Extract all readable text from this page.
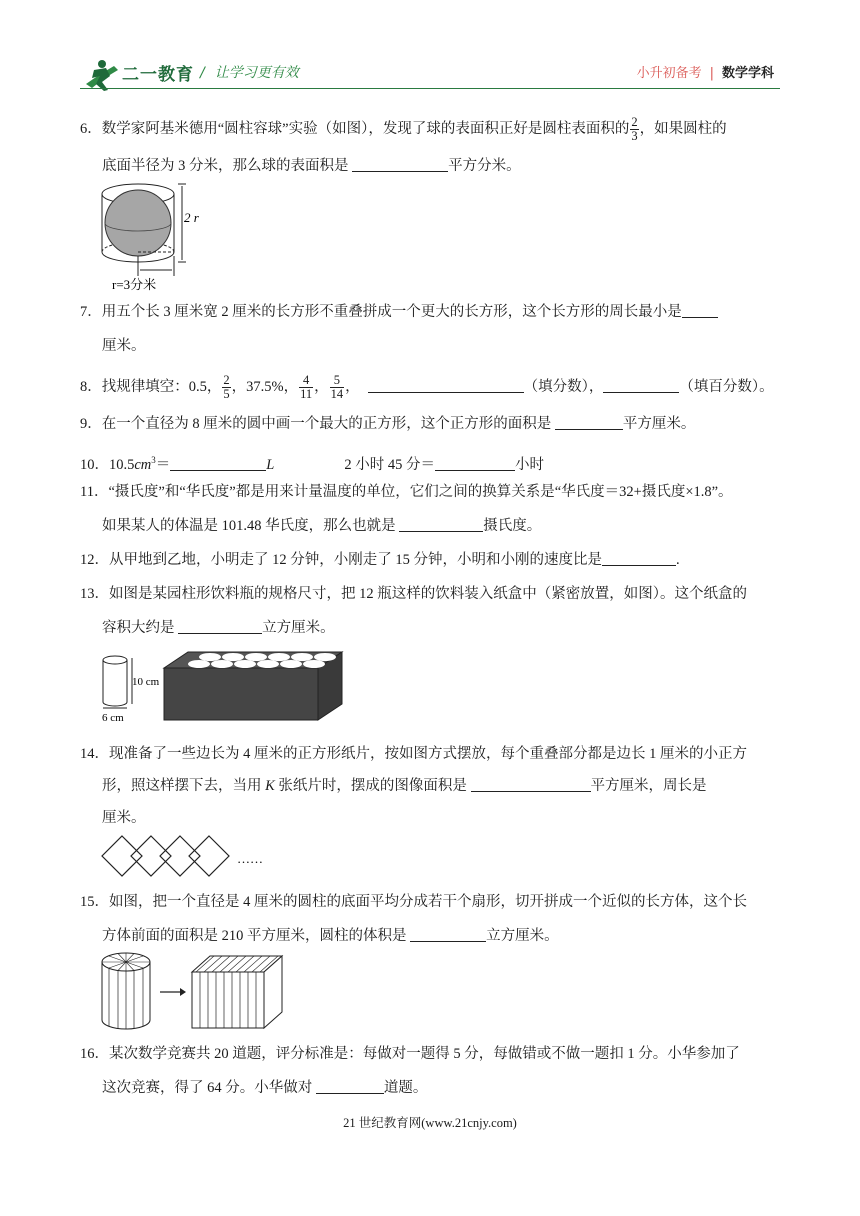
二一教育 / 让学习更有效	小升初备考 | 数学学科
6．数学家阿基米德用“圆柱容球”实验（如图），发现了球的表面积正好是圆柱表面积的 $\frac{2}{3}$ ，如果圆柱的
底面半径为 3 分米，那么球的表面积是	平方分米。
2 r
r=3分米
7．用五个长 3 厘米宽 2 厘米的长方形不重叠拼成一个更大的长方形，这个长方形的周长最小是
厘米。
8．找规律填空：0.5， $\frac{2}{5}$ ，37.5%， $\frac{4}{11}$ ， $\frac{5}{14}$ ，	（填分数），	（填百分数）。
9．在一个直径为 8 厘米的圆中画一个最大的正方形，这个正方形的面积是	平方厘米。
10．$10.5cm^3=$	L	2 小时 45 分＝	小时
11．“摄氏度”和“华氏度”都是用来计量温度的单位，它们之间的换算关系是“华氏度＝32+摄氏度×1.8”。
如果某人的体温是 101.48 华氏度，那么也就是	摄氏度。
12．从甲地到乙地，小明走了 12 分钟，小刚走了 15 分钟，小明和小刚的速度比是	.
13．如图是某园柱形饮料瓶的规格尺寸，把 12 瓶这样的饮料装入纸盒中（紧密放置，如图）。这个纸盒的
容积大约是	立方厘米。
10 cm
6 cm
14．现准备了一些边长为 4 厘米的正方形纸片，按如图方式摆放，每个重叠部分都是边长 1 厘米的小正方
形，照这样摆下去，当用 K 张纸片时，摆成的图像面积是	平方厘米，周长是
厘米。
……
15．如图，把一个直径是 4 厘米的圆柱的底面平均分成若干个扇形，切开拼成一个近似的长方体，这个长
方体前面的面积是 210 平方厘米，圆柱的体积是	立方厘米。
16．某次数学竞赛共 20 道题，评分标准是：每做对一题得 5 分，每做错或不做一题扣 1 分。小华参加了
这次竞赛，得了 64 分。小华做对	道题。
21 世纪教育网(www.21cnjy.com)
